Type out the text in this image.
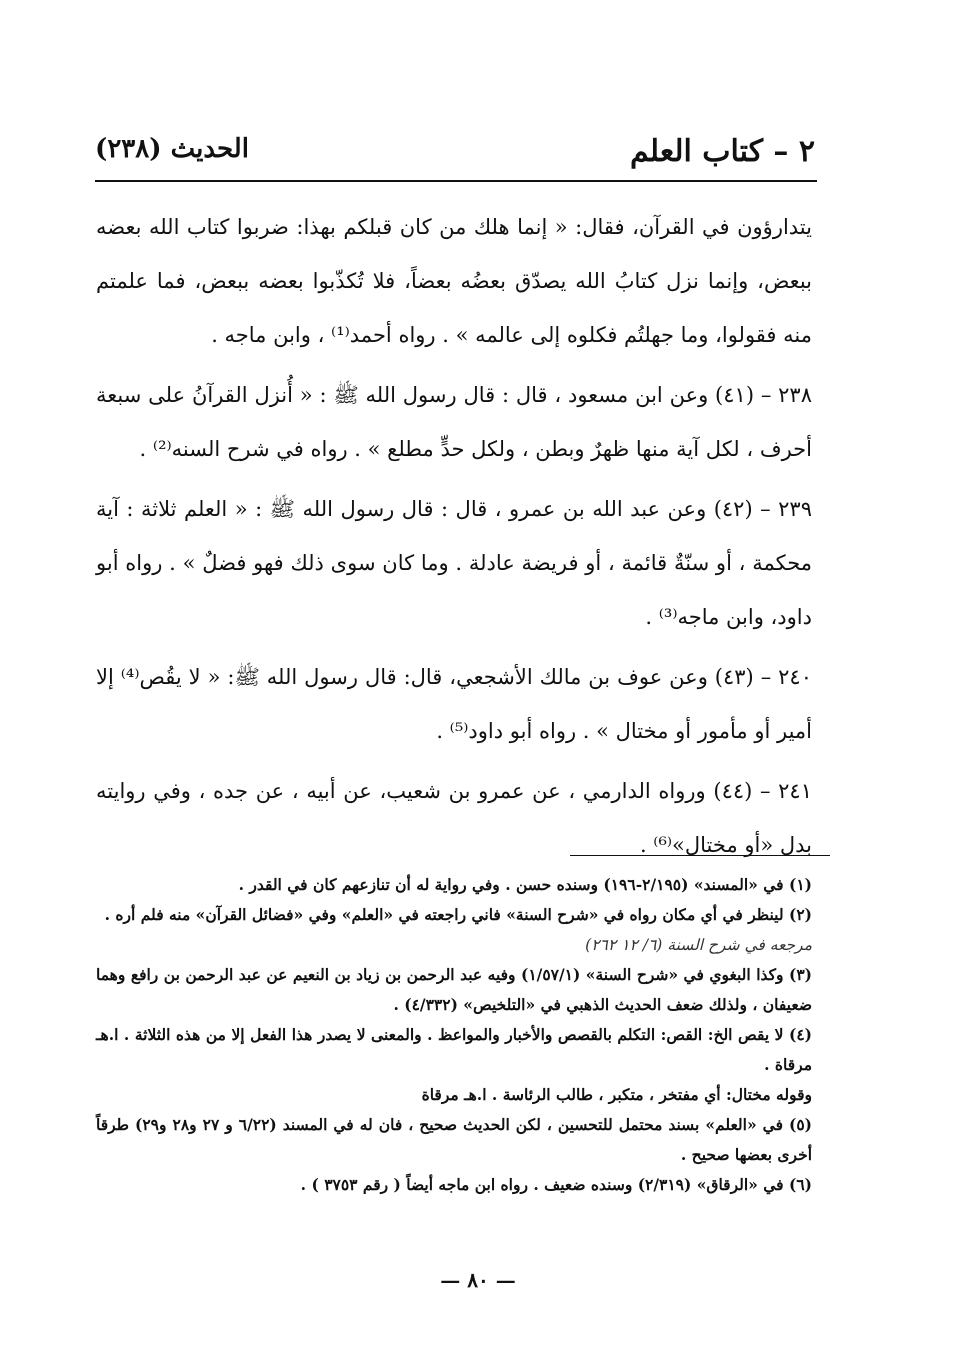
٢ – كتاب العلم
الحديث (٢٣٨)

يتدارؤون في القرآن، فقال: « إنما هلك من كان قبلكم بهذا: ضربوا كتاب الله بعضه ببعض، وإنما نزل كتابُ الله يصدّق بعضُه بعضاً، فلا تُكذّبوا بعضه ببعض، فما علمتم منه فقولوا، وما جهلتُم فكلوه إلى عالمه » . رواه أحمد⁽¹⁾ ، وابن ماجه .

٢٣٨ – (٤١) وعن ابن مسعود ، قال : قال رسول الله ﷺ : « أُنزل القرآنُ على سبعة أحرف ، لكل آية منها ظهرٌ وبطن ، ولكل حدٍّ مطلع » . رواه في شرح السنه⁽²⁾ .

٢٣٩ – (٤٢) وعن عبد الله بن عمرو ، قال : قال رسول الله ﷺ : « العلم ثلاثة : آية محكمة ، أو سنّةٌ قائمة ، أو فريضة عادلة . وما كان سوى ذلك فهو فضلٌ » . رواه أبو داود، وابن ماجه⁽³⁾ .

٢٤٠ – (٤٣) وعن عوف بن مالك الأشجعي، قال: قال رسول الله ﷺ: « لا يقُص⁽⁴⁾ إلا أمير أو مأمور أو مختال » . رواه أبو داود⁽⁵⁾ .

٢٤١ – (٤٤) ورواه الدارمي ، عن عمرو بن شعيب، عن أبيه ، عن جده ، وفي روايته بدل «أو مختال»⁽⁶⁾ .

(١) في «المسند» (٢/١٩٥-١٩٦) وسنده حسن . وفي رواية له أن تنازعهم كان في القدر .

(٢) لينظر في أي مكان رواه في «شرح السنة» فاني راجعته في «العلم» وفي «فضائل القرآن» منه فلم أره .

مرجعه في شرح السنة (٦/ ١٢ ٢٦٢)

(٣) وكذا البغوي في «شرح السنة» (١/٥٧/١) وفيه عبد الرحمن بن زياد بن النعيم عن عبد الرحمن بن رافع وهما ضعيفان ، ولذلك ضعف الحديث الذهبي في «التلخيص» (٤/٣٣٢) .

(٤) لا يقص الخ: القص: التكلم بالقصص والأخبار والمواعظ . والمعنى لا يصدر هذا الفعل إلا من هذه الثلاثة . ا.هـ مرقاة .

وقوله مختال: أي مفتخر ، متكبر ، طالب الرئاسة . ا.هـ مرقاة

(٥) في «العلم» بسند محتمل للتحسين ، لكن الحديث صحيح ، فان له في المسند (٦/٢٢ و ٢٧ و٢٨ و٢٩) طرقاً أخرى بعضها صحيح .

(٦) في «الرقاق» (٢/٣١٩) وسنده ضعيف . رواه ابن ماجه أيضاً ( رقم ٣٧٥٣ ) .

— ٨٠ —
